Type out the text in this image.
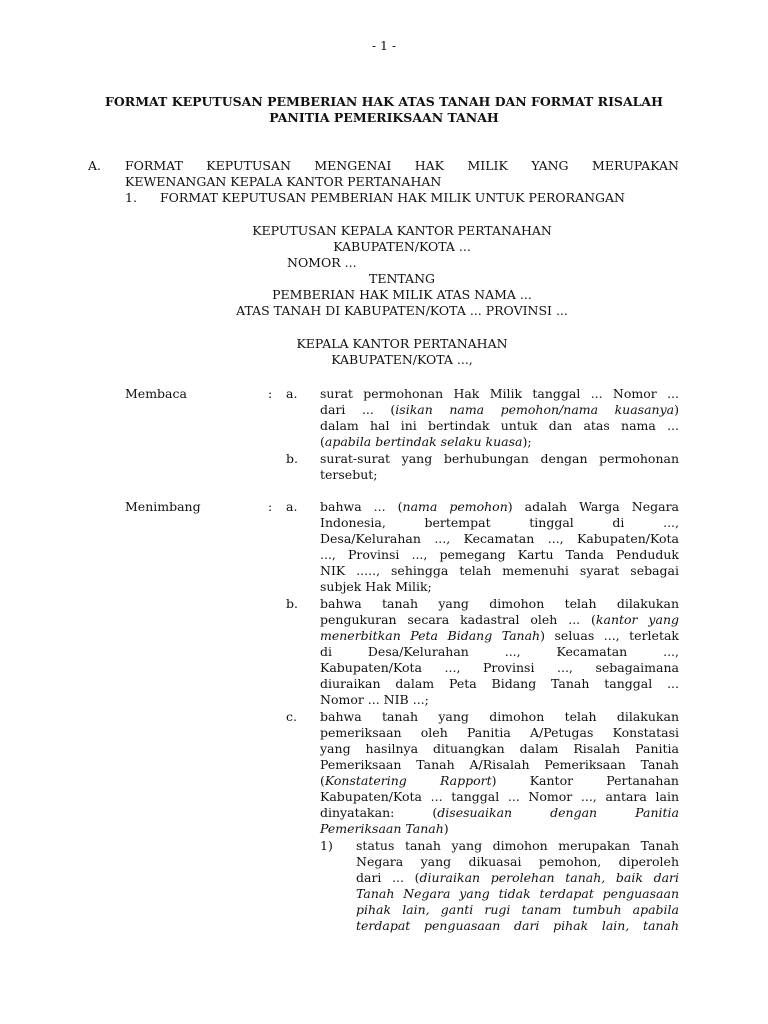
- 1 -
FORMAT KEPUTUSAN PEMBERIAN HAK ATAS TANAH DAN FORMAT RISALAH
PANITIA PEMERIKSAAN TANAH
A. FORMAT KEPUTUSAN MENGENAI HAK MILIK YANG MERUPAKAN
KEWENANGAN KEPALA KANTOR PERTANAHAN
1. FORMAT KEPUTUSAN PEMBERIAN HAK MILIK UNTUK PERORANGAN
KEPUTUSAN KEPALA KANTOR PERTANAHAN
KABUPATEN/KOTA ...
NOMOR ...
TENTANG
PEMBERIAN HAK MILIK ATAS NAMA ...
ATAS TANAH DI KABUPATEN/KOTA ... PROVINSI ...
KEPALA KANTOR PERTANAHAN
KABUPATEN/KOTA ...,
Membaca	: a. surat permohonan Hak Milik tanggal ... Nomor ...
dari ... (isikan nama pemohon/nama kuasanya)
dalam hal ini bertindak untuk dan atas nama ...
(apabila bertindak selaku kuasa);
b. surat-surat yang berhubungan dengan permohonan
tersebut;
Menimbang	: a. bahwa ... (nama pemohon) adalah Warga Negara
Indonesia, bertempat tinggal di ...,
Desa/Kelurahan ..., Kecamatan ..., Kabupaten/Kota
..., Provinsi ..., pemegang Kartu Tanda Penduduk
NIK ....., sehingga telah memenuhi syarat sebagai
subjek Hak Milik;
b. bahwa tanah yang dimohon telah dilakukan
pengukuran secara kadastral oleh ... (kantor yang
menerbitkan Peta Bidang Tanah) seluas ..., terletak
di Desa/Kelurahan ..., Kecamatan ...,
Kabupaten/Kota ..., Provinsi ..., sebagaimana
diuraikan dalam Peta Bidang Tanah tanggal ...
Nomor ... NIB ...;
c. bahwa tanah yang dimohon telah dilakukan
pemeriksaan oleh Panitia A/Petugas Konstatasi
yang hasilnya dituangkan dalam Risalah Panitia
Pemeriksaan Tanah A/Risalah Pemeriksaan Tanah
(Konstatering Rapport) Kantor Pertanahan
Kabupaten/Kota ... tanggal ... Nomor ..., antara lain
dinyatakan: (disesuaikan dengan Panitia
Pemeriksaan Tanah)
1) status tanah yang dimohon merupakan Tanah
Negara yang dikuasai pemohon, diperoleh
dari ... (diuraikan perolehan tanah, baik dari
Tanah Negara yang tidak terdapat penguasaan
pihak lain, ganti rugi tanam tumbuh apabila
terdapat penguasaan dari pihak lain, tanah
